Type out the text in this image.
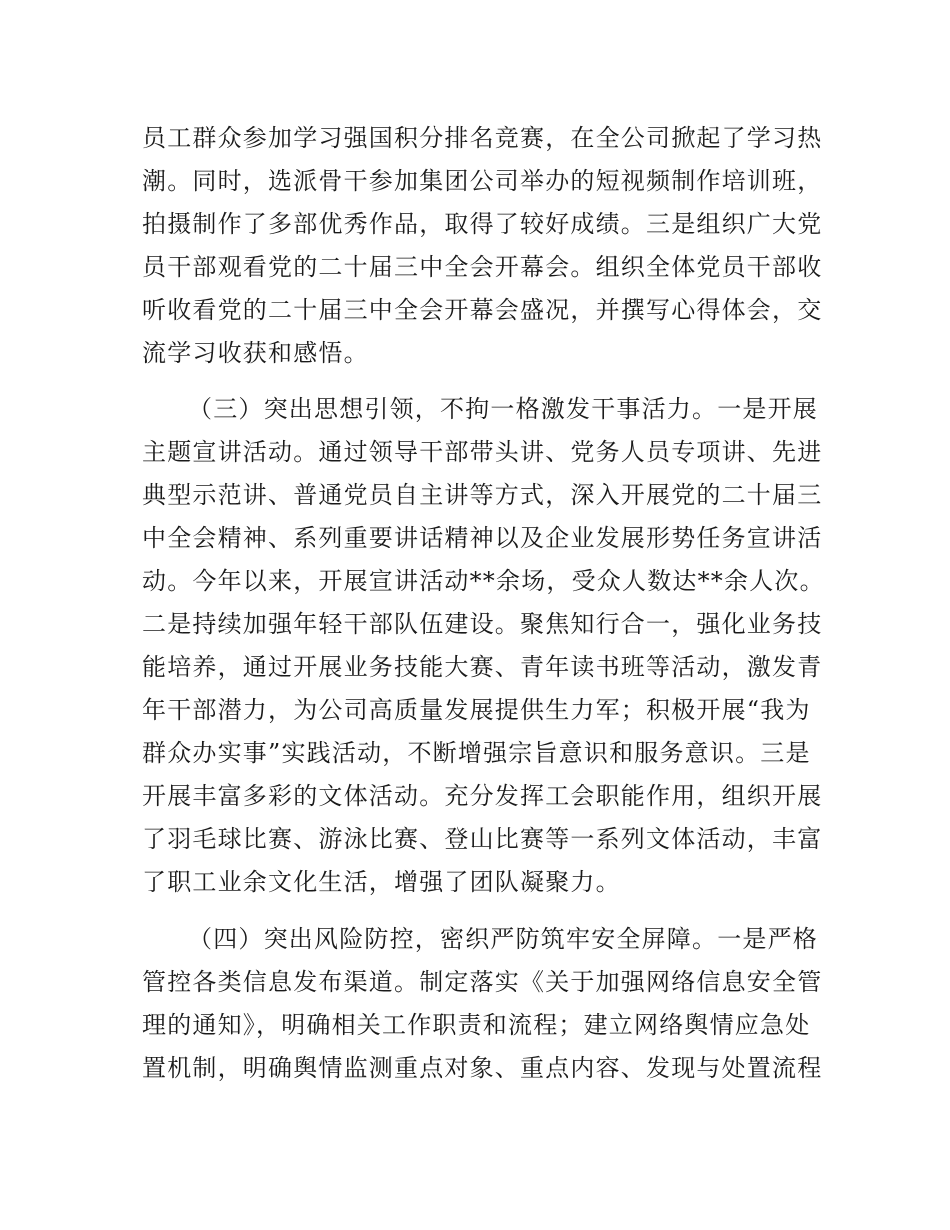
员工群众参加学习强国积分排名竞赛，在全公司掀起了学习热
潮。同时，选派骨干参加集团公司举办的短视频制作培训班，
拍摄制作了多部优秀作品，取得了较好成绩。三是组织广大党
员干部观看党的二十届三中全会开幕会。组织全体党员干部收
听收看党的二十届三中全会开幕会盛况，并撰写心得体会，交
流学习收获和感悟。
（三）突出思想引领，不拘一格激发干事活力。一是开展
主题宣讲活动。通过领导干部带头讲、党务人员专项讲、先进
典型示范讲、普通党员自主讲等方式，深入开展党的二十届三
中全会精神、系列重要讲话精神以及企业发展形势任务宣讲活
动。今年以来，开展宣讲活动**余场，受众人数达**余人次。
二是持续加强年轻干部队伍建设。聚焦知行合一，强化业务技
能培养，通过开展业务技能大赛、青年读书班等活动，激发青
年干部潜力，为公司高质量发展提供生力军；积极开展“我为
群众办实事”实践活动，不断增强宗旨意识和服务意识。三是
开展丰富多彩的文体活动。充分发挥工会职能作用，组织开展
了羽毛球比赛、游泳比赛、登山比赛等一系列文体活动，丰富
了职工业余文化生活，增强了团队凝聚力。
（四）突出风险防控，密织严防筑牢安全屏障。一是严格
管控各类信息发布渠道。制定落实《关于加强网络信息安全管
理的通知》，明确相关工作职责和流程；建立网络舆情应急处
置机制，明确舆情监测重点对象、重点内容、发现与处置流程
